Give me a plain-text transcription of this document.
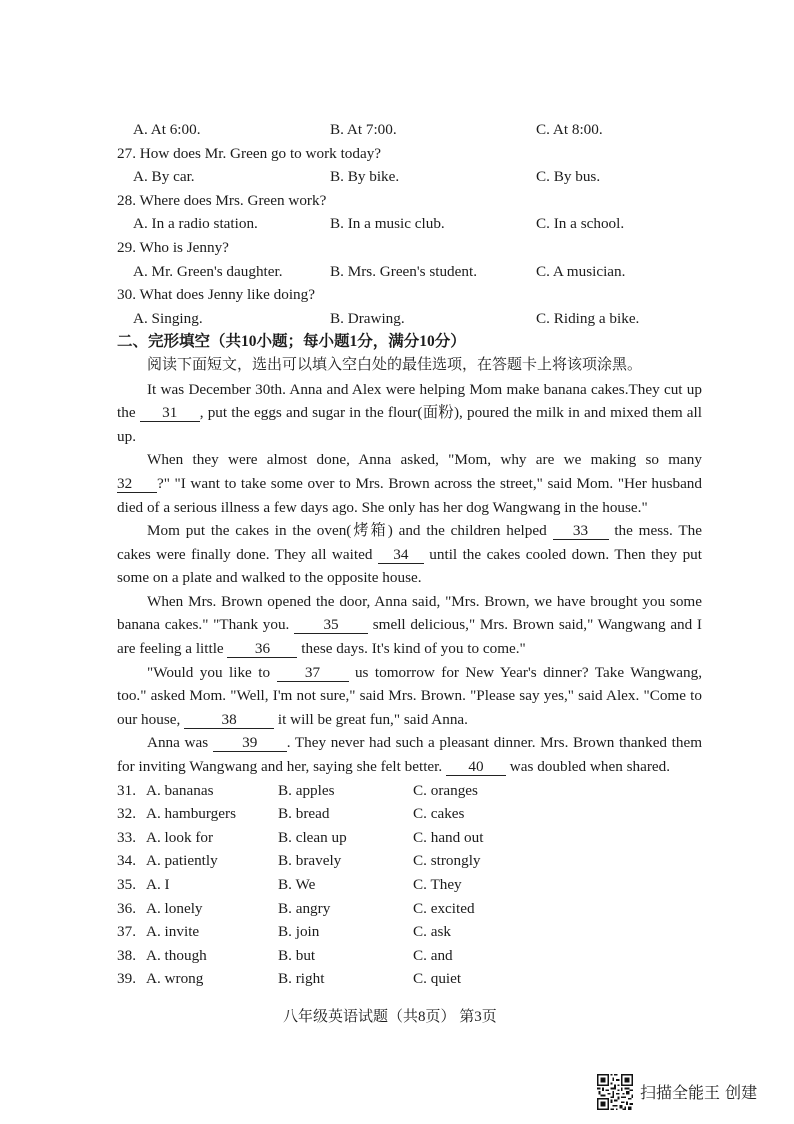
A. At 6:00.	B. At 7:00.	C. At 8:00.
27. How does Mr. Green go to work today?
A. By car.	B. By bike.	C. By bus.
28. Where does Mrs. Green work?
A. In a radio station.	B. In a music club.	C. In a school.
29. Who is Jenny?
A. Mr. Green's daughter.	B. Mrs. Green's student.	C. A musician.
30. What does Jenny like doing?
A. Singing.	B. Drawing.	C. Riding a bike.
二、完形填空（共10小题；每小题1分，满分10分）
阅读下面短文，选出可以填入空白处的最佳选项，在答题卡上将该项涂黑。
It was December 30th. Anna and Alex were helping Mom make banana cakes.They cut up
the 31 , put the eggs and sugar in the flour(面粉), poured the milk in and mixed them all
up.
When they were almost done, Anna asked, "Mom, why are we making so many
32 ?" "I want to take some over to Mrs. Brown across the street," said Mom. "Her husband
died of a serious illness a few days ago. She only has her dog Wangwang in the house."
Mom put the cakes in the oven(烤箱) and the children helped 33 the mess. The
cakes were finally done. They all waited 34 until the cakes cooled down. Then they put
some on a plate and walked to the opposite house.
When Mrs. Brown opened the door, Anna said, "Mrs. Brown, we have brought you some
banana cakes." "Thank you. 35 smell delicious," Mrs. Brown said," Wangwang and I
are feeling a little 36 these days. It's kind of you to come."
"Would you like to 37 us tomorrow for New Year's dinner? Take Wangwang,
too." asked Mom. "Well, I'm not sure," said Mrs. Brown. "Please say yes," said Alex. "Come to
our house, 38 it will be great fun," said Anna.
Anna was 39 . They never had such a pleasant dinner. Mrs. Brown thanked them
for inviting Wangwang and her, saying she felt better. 40 was doubled when shared.
31. A. bananas	B. apples	C. oranges
32. A. hamburgers	B. bread	C. cakes
33. A. look for	B. clean up	C. hand out
34. A. patiently	B. bravely	C. strongly
35. A. I	B. We	C. They
36. A. lonely	B. angry	C. excited
37. A. invite	B. join	C. ask
38. A. though	B. but	C. and
39. A. wrong	B. right	C. quiet
八年级英语试题（共8页） 第3页
扫描全能王 创建
